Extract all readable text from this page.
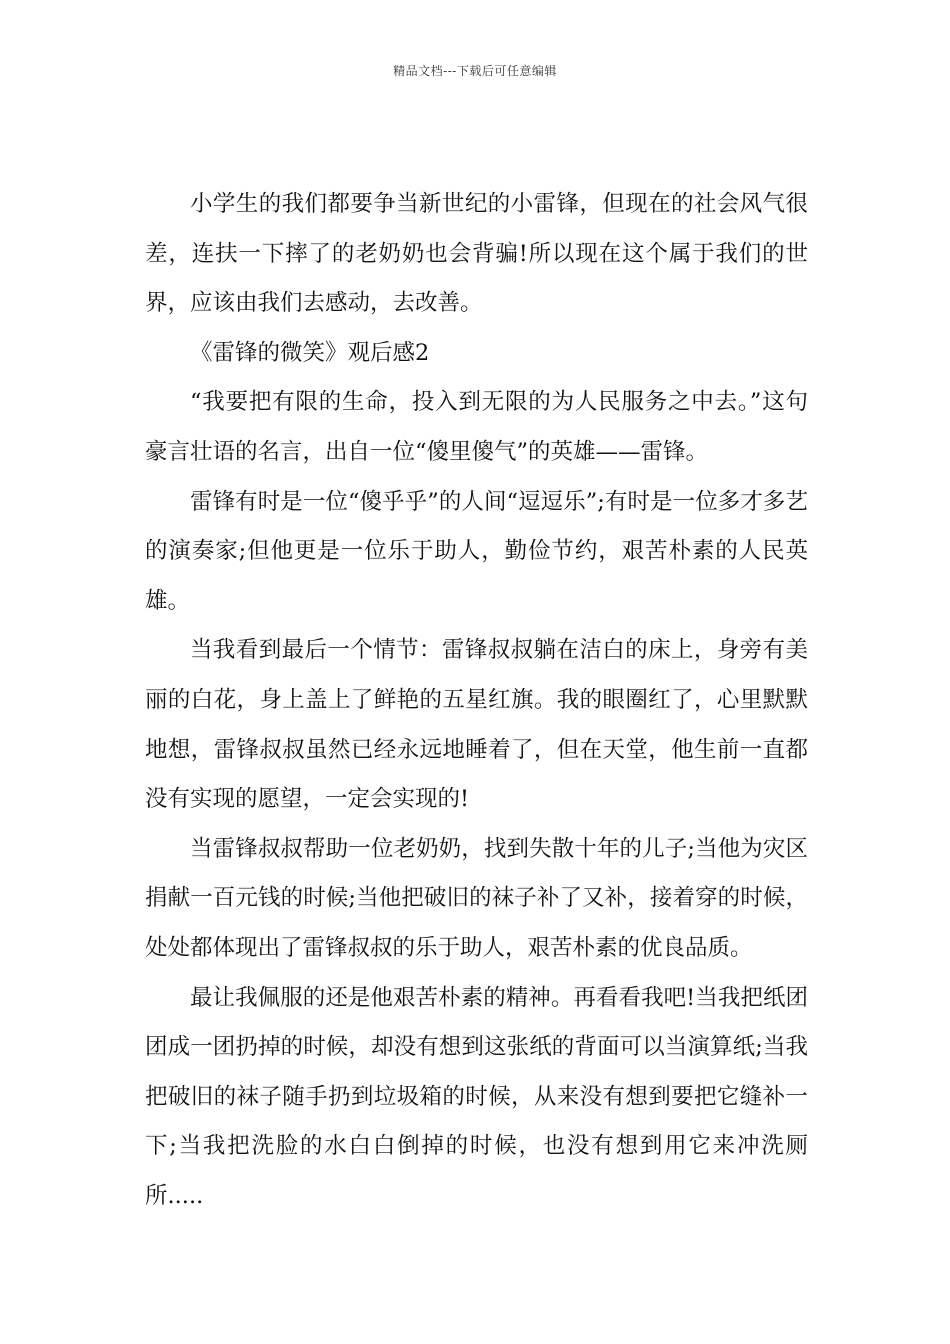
精品文档---下载后可任意编辑

小学生的我们都要争当新世纪的小雷锋，但现在的社会风气很差，连扶一下摔了的老奶奶也会背骗!所以现在这个属于我们的世界，应该由我们去感动，去改善。

《雷锋的微笑》观后感2

“我要把有限的生命，投入到无限的为人民服务之中去。”这句豪言壮语的名言，出自一位“傻里傻气”的英雄——雷锋。

雷锋有时是一位“傻乎乎”的人间“逗逗乐”;有时是一位多才多艺的演奏家;但他更是一位乐于助人，勤俭节约，艰苦朴素的人民英雄。

当我看到最后一个情节：雷锋叔叔躺在洁白的床上，身旁有美丽的白花，身上盖上了鲜艳的五星红旗。我的眼圈红了，心里默默地想，雷锋叔叔虽然已经永远地睡着了，但在天堂，他生前一直都没有实现的愿望，一定会实现的!

当雷锋叔叔帮助一位老奶奶，找到失散十年的儿子;当他为灾区捐献一百元钱的时候;当他把破旧的袜子补了又补，接着穿的时候，处处都体现出了雷锋叔叔的乐于助人，艰苦朴素的优良品质。

最让我佩服的还是他艰苦朴素的精神。再看看我吧!当我把纸团团成一团扔掉的时候，却没有想到这张纸的背面可以当演算纸;当我把破旧的袜子随手扔到垃圾箱的时候，从来没有想到要把它缝补一下;当我把洗脸的水白白倒掉的时候，也没有想到用它来冲洗厕所.....
